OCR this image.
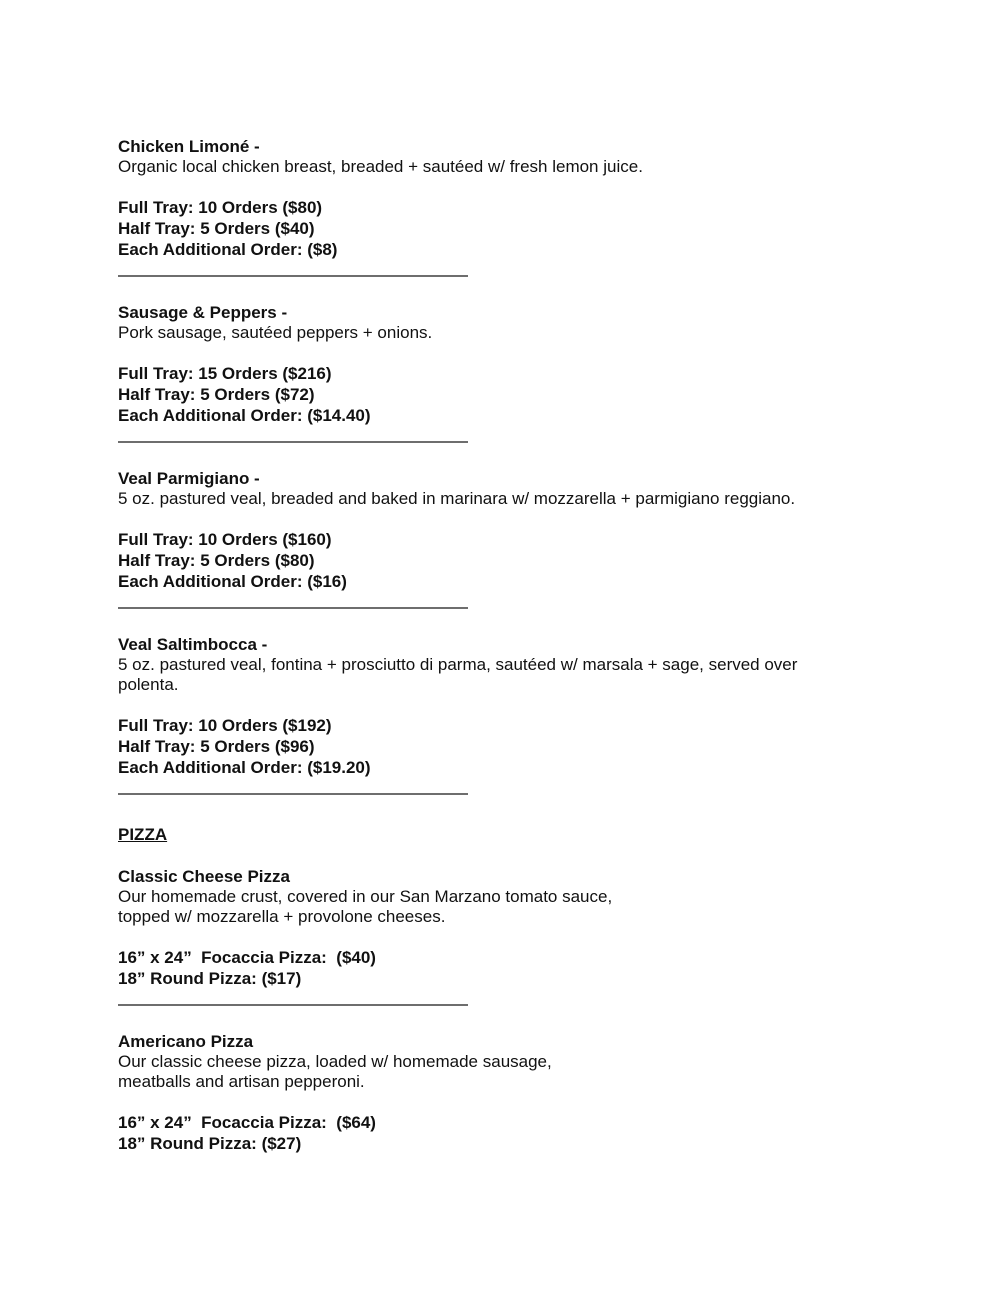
Chicken Limoné -

Organic local chicken breast, breaded + sautéed w/ fresh lemon juice.

Full Tray: 10 Orders ($80)

Half Tray: 5 Orders ($40)

Each Additional Order: ($8)

Sausage & Peppers -

Pork sausage, sautéed peppers + onions.

Full Tray: 15 Orders ($216)

Half Tray: 5 Orders ($72)

Each Additional Order: ($14.40)

Veal Parmigiano -

5 oz. pastured veal, breaded and baked in marinara w/ mozzarella + parmigiano reggiano.

Full Tray: 10 Orders ($160)

Half Tray: 5 Orders ($80)

Each Additional Order: ($16)

Veal Saltimbocca -

5 oz. pastured veal, fontina + prosciutto di parma, sautéed w/ marsala + sage, served over

polenta.

Full Tray: 10 Orders ($192)

Half Tray: 5 Orders ($96)

Each Additional Order: ($19.20)

PIZZA

Classic Cheese Pizza

Our homemade crust, covered in our San Marzano tomato sauce,

topped w/ mozzarella + provolone cheeses.

16” x 24”  Focaccia Pizza:  ($40)

18” Round Pizza: ($17)

Americano Pizza

Our classic cheese pizza, loaded w/ homemade sausage,

meatballs and artisan pepperoni.

16” x 24”  Focaccia Pizza:  ($64)

18” Round Pizza: ($27)
